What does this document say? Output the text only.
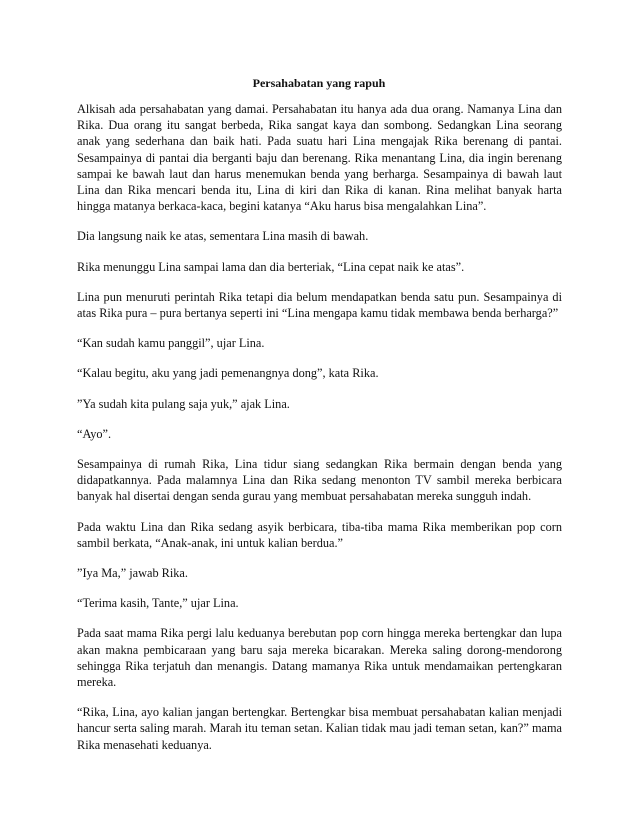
Persahabatan yang rapuh

Alkisah ada persahabatan yang damai. Persahabatan itu hanya ada dua orang. Namanya Lina dan Rika. Dua orang itu sangat berbeda, Rika sangat kaya dan sombong. Sedangkan Lina seorang anak yang sederhana dan baik hati. Pada suatu hari Lina mengajak Rika berenang di pantai. Sesampainya di pantai dia berganti baju dan berenang. Rika menantang Lina, dia ingin berenang sampai ke bawah laut dan harus menemukan benda yang berharga. Sesampainya di bawah laut Lina dan Rika mencari benda itu, Lina di kiri dan Rika di kanan. Rina melihat banyak harta hingga matanya berkaca-kaca, begini katanya “Aku harus bisa mengalahkan Lina”.

Dia langsung naik ke atas, sementara Lina masih di bawah.

Rika menunggu Lina sampai lama dan dia berteriak, “Lina cepat naik ke atas”.

Lina pun menuruti perintah Rika tetapi dia belum mendapatkan benda satu pun. Sesampainya di atas Rika pura – pura bertanya seperti ini “Lina mengapa kamu tidak membawa benda berharga?”

“Kan sudah kamu panggil”, ujar Lina.

“Kalau begitu, aku yang jadi pemenangnya dong”, kata Rika.

”Ya sudah kita pulang saja yuk,” ajak Lina.

“Ayo”.

Sesampainya di rumah Rika, Lina tidur siang sedangkan Rika bermain dengan benda yang didapatkannya. Pada malamnya Lina dan Rika sedang menonton TV sambil mereka berbicara banyak hal disertai dengan senda gurau yang membuat persahabatan mereka sungguh indah.

Pada waktu Lina dan Rika sedang asyik berbicara, tiba-tiba mama Rika memberikan pop corn sambil berkata, “Anak-anak, ini untuk kalian berdua.”

”Iya Ma,” jawab Rika.

“Terima kasih, Tante,” ujar Lina.

Pada saat mama Rika pergi lalu keduanya berebutan pop corn hingga mereka bertengkar dan lupa akan makna pembicaraan yang baru saja mereka bicarakan. Mereka saling dorong-mendorong sehingga Rika terjatuh dan menangis. Datang mamanya Rika untuk mendamaikan pertengkaran mereka.

“Rika, Lina, ayo kalian jangan bertengkar. Bertengkar bisa membuat persahabatan kalian menjadi hancur serta saling marah. Marah itu teman setan. Kalian tidak mau jadi teman setan, kan?” mama Rika menasehati keduanya.
